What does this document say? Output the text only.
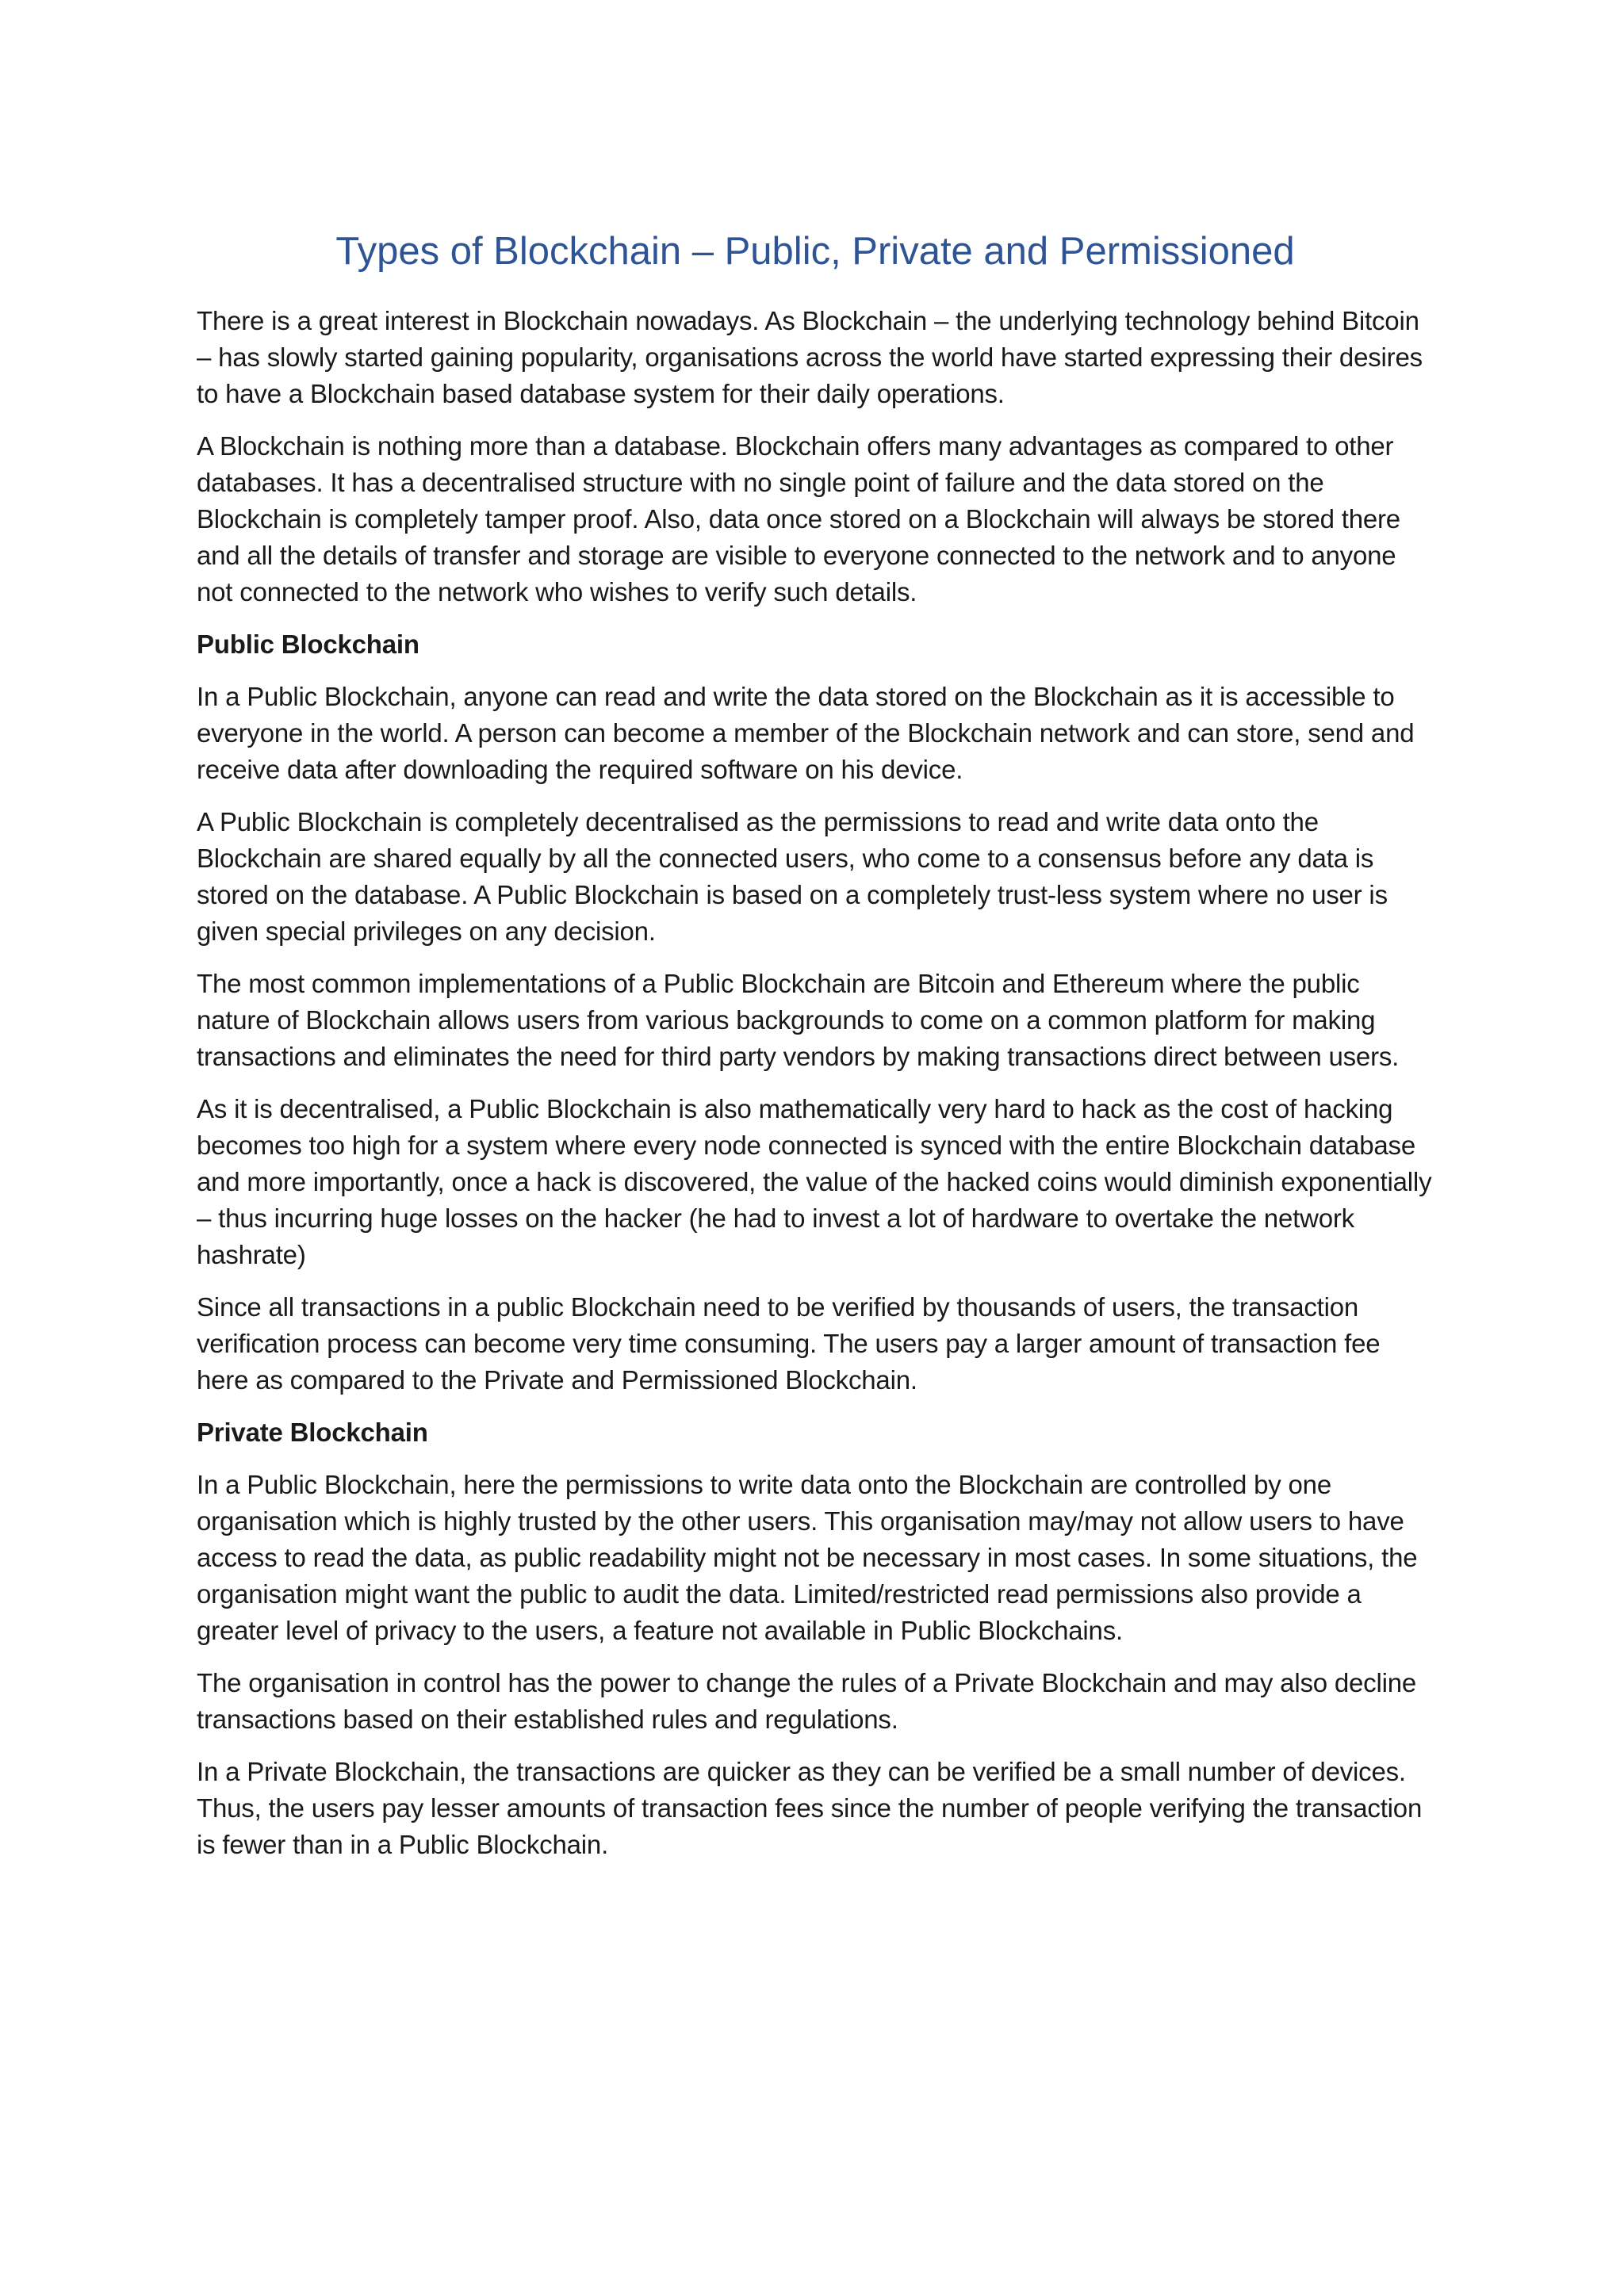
Types of Blockchain – Public, Private and Permissioned

There is a great interest in Blockchain nowadays. As Blockchain – the underlying technology behind Bitcoin – has slowly started gaining popularity, organisations across the world have started expressing their desires to have a Blockchain based database system for their daily operations.

A Blockchain is nothing more than a database. Blockchain offers many advantages as compared to other databases. It has a decentralised structure with no single point of failure and the data stored on the Blockchain is completely tamper proof. Also, data once stored on a Blockchain will always be stored there and all the details of transfer and storage are visible to everyone connected to the network and to anyone not connected to the network who wishes to verify such details.

Public Blockchain

In a Public Blockchain, anyone can read and write the data stored on the Blockchain as it is accessible to everyone in the world. A person can become a member of the Blockchain network and can store, send and receive data after downloading the required software on his device.

A Public Blockchain is completely decentralised as the permissions to read and write data onto the Blockchain are shared equally by all the connected users, who come to a consensus before any data is stored on the database. A Public Blockchain is based on a completely trust-less system where no user is given special privileges on any decision.

The most common implementations of a Public Blockchain are Bitcoin and Ethereum where the public nature of Blockchain allows users from various backgrounds to come on a common platform for making transactions and eliminates the need for third party vendors by making transactions direct between users.

As it is decentralised, a Public Blockchain is also mathematically very hard to hack as the cost of hacking becomes too high for a system where every node connected is synced with the entire Blockchain database and more importantly, once a hack is discovered, the value of the hacked coins would diminish exponentially – thus incurring huge losses on the hacker (he had to invest a lot of hardware to overtake the network hashrate)

Since all transactions in a public Blockchain need to be verified by thousands of users, the transaction verification process can become very time consuming. The users pay a larger amount of transaction fee here as compared to the Private and Permissioned Blockchain.

Private Blockchain

In a Public Blockchain, here the permissions to write data onto the Blockchain are controlled by one organisation which is highly trusted by the other users. This organisation may/may not allow users to have access to read the data, as public readability might not be necessary in most cases. In some situations, the organisation might want the public to audit the data. Limited/restricted read permissions also provide a greater level of privacy to the users, a feature not available in Public Blockchains.

The organisation in control has the power to change the rules of a Private Blockchain and may also decline transactions based on their established rules and regulations.

In a Private Blockchain, the transactions are quicker as they can be verified be a small number of devices. Thus, the users pay lesser amounts of transaction fees since the number of people verifying the transaction is fewer than in a Public Blockchain.
